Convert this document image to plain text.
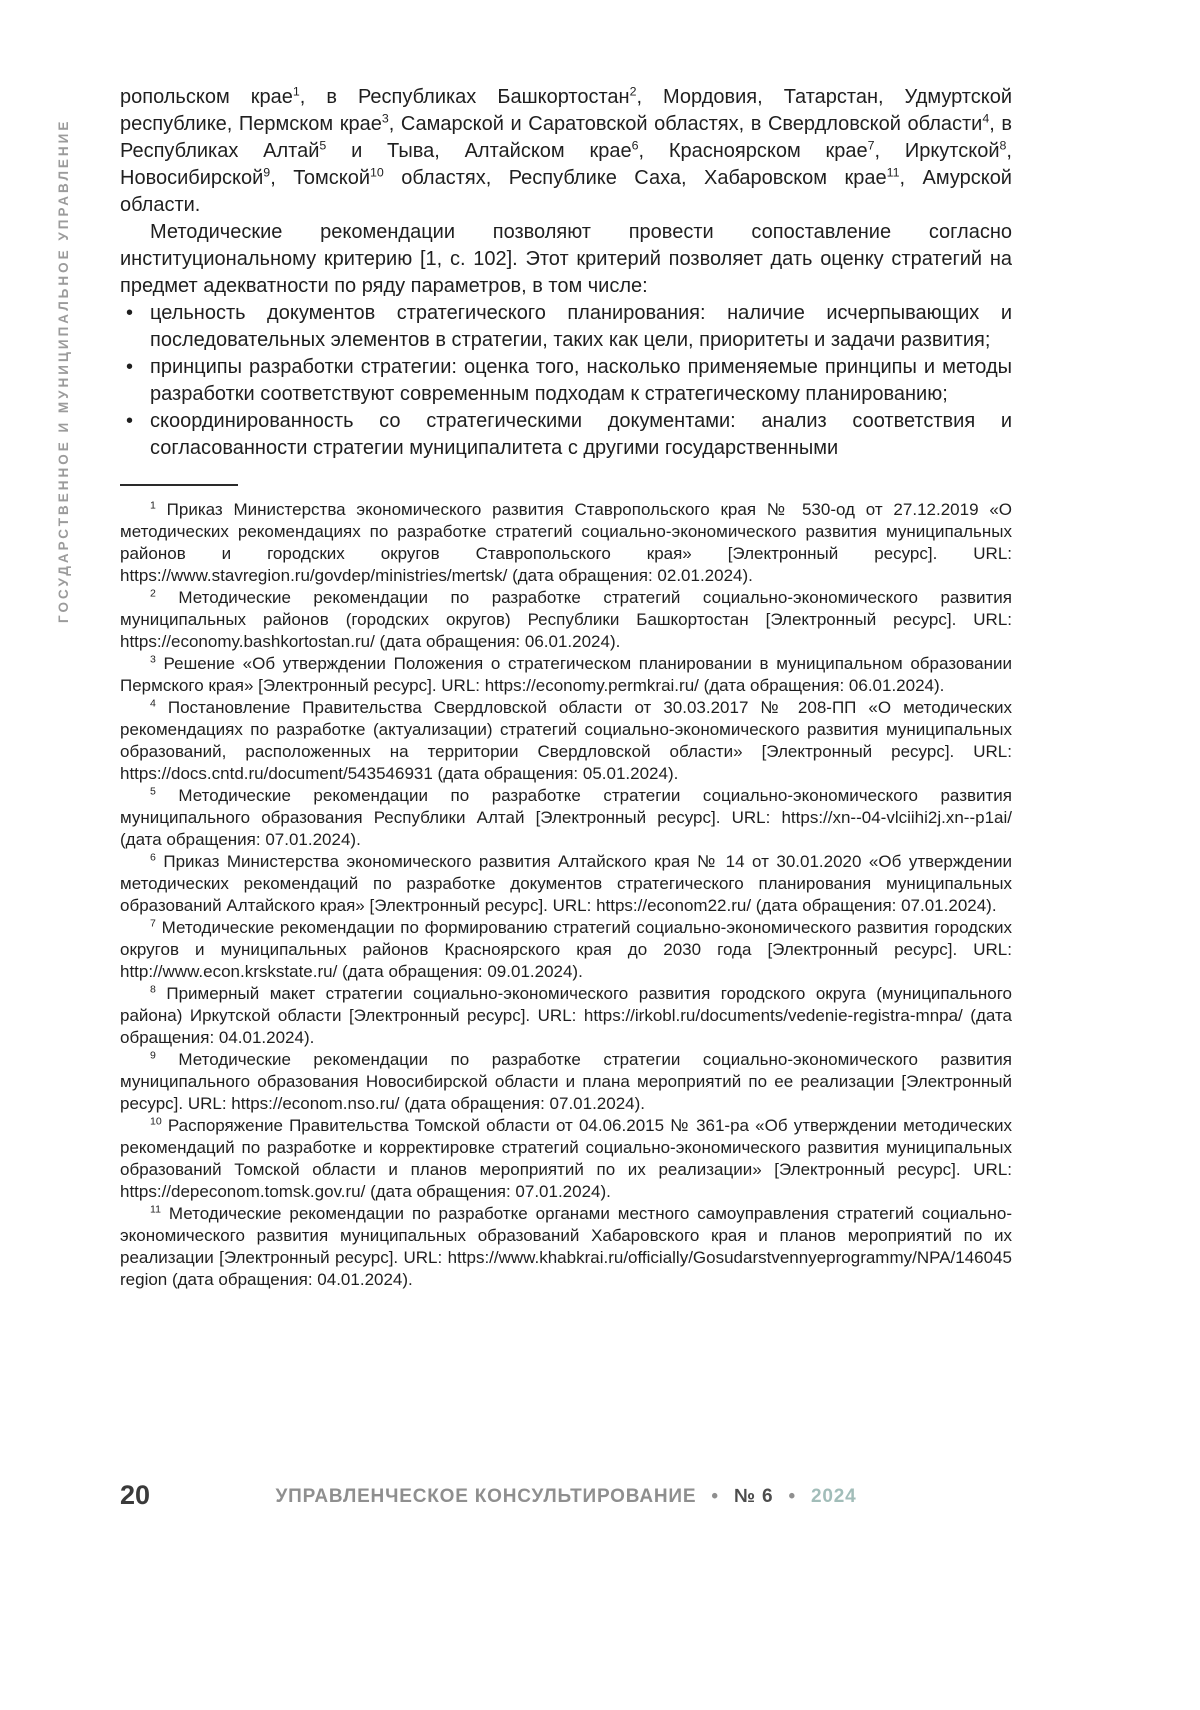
ГОСУДАРСТВЕННОЕ И МУНИЦИПАЛЬНОЕ УПРАВЛЕНИЕ

ропольском крае$^1$, в Республиках Башкортостан$^2$, Мордовия, Татарстан, Удмуртской республике, Пермском крае$^3$, Самарской и Саратовской областях, в Свердловской области$^4$, в Республиках Алтай$^5$ и Тыва, Алтайском крае$^6$, Красноярском крае$^7$, Иркутской$^8$, Новосибирской$^9$, Томской$^{10}$ областях, Республике Саха, Хабаровском крае$^{11}$, Амурской области.

Методические рекомендации позволяют провести сопоставление согласно институциональному критерию [1, с. 102]. Этот критерий позволяет дать оценку стратегий на предмет адекватности по ряду параметров, в том числе:

• цельность документов стратегического планирования: наличие исчерпывающих и последовательных элементов в стратегии, таких как цели, приоритеты и задачи развития;
• принципы разработки стратегии: оценка того, насколько применяемые принципы и методы разработки соответствуют современным подходам к стратегическому планированию;
• скоординированность со стратегическими документами: анализ соответствия и согласованности стратегии муниципалитета с другими государственными

$^1$ Приказ Министерства экономического развития Ставропольского края № 530-од от 27.12.2019 «О методических рекомендациях по разработке стратегий социально-экономического развития муниципальных районов и городских округов Ставропольского края» [Электронный ресурс]. URL: https://www.stavregion.ru/govdep/ministries/mertsk/ (дата обращения: 02.01.2024).

$^2$ Методические рекомендации по разработке стратегий социально-экономического развития муниципальных районов (городских округов) Республики Башкортостан [Электронный ресурс]. URL: https://economy.bashkortostan.ru/ (дата обращения: 06.01.2024).

$^3$ Решение «Об утверждении Положения о стратегическом планировании в муниципальном образовании Пермского края» [Электронный ресурс]. URL: https://economy.permkrai.ru/ (дата обращения: 06.01.2024).

$^4$ Постановление Правительства Свердловской области от 30.03.2017 № 208-ПП «О методических рекомендациях по разработке (актуализации) стратегий социально-экономического развития муниципальных образований, расположенных на территории Свердловской области» [Электронный ресурс]. URL: https://docs.cntd.ru/document/543546931 (дата обращения: 05.01.2024).

$^5$ Методические рекомендации по разработке стратегии социально-экономического развития муниципального образования Республики Алтай [Электронный ресурс]. URL: https://xn--04-vlciihi2j.xn--p1ai/ (дата обращения: 07.01.2024).

$^6$ Приказ Министерства экономического развития Алтайского края № 14 от 30.01.2020 «Об утверждении методических рекомендаций по разработке документов стратегического планирования муниципальных образований Алтайского края» [Электронный ресурс]. URL: https://econom22.ru/ (дата обращения: 07.01.2024).

$^7$ Методические рекомендации по формированию стратегий социально-экономического развития городских округов и муниципальных районов Красноярского края до 2030 года [Электронный ресурс]. URL: http://www.econ.krskstate.ru/ (дата обращения: 09.01.2024).

$^8$ Примерный макет стратегии социально-экономического развития городского округа (муниципального района) Иркутской области [Электронный ресурс]. URL: https://irkobl.ru/documents/vedenie-registra-mnpa/ (дата обращения: 04.01.2024).

$^9$ Методические рекомендации по разработке стратегии социально-экономического развития муниципального образования Новосибирской области и плана мероприятий по ее реализации [Электронный ресурс]. URL: https://econom.nso.ru/ (дата обращения: 07.01.2024).

$^{10}$ Распоряжение Правительства Томской области от 04.06.2015 № 361-ра «Об утверждении методических рекомендаций по разработке и корректировке стратегий социально-экономического развития муниципальных образований Томской области и планов мероприятий по их реализации» [Электронный ресурс]. URL: https://depeconom.tomsk.gov.ru/ (дата обращения: 07.01.2024).

$^{11}$ Методические рекомендации по разработке органами местного самоуправления стратегий социально-экономического развития муниципальных образований Хабаровского края и планов мероприятий по их реализации [Электронный ресурс]. URL: https://www.khabkrai.ru/officially/Gosudarstvennyeprogrammy/NPA/146045 region (дата обращения: 04.01.2024).

20	УПРАВЛЕНЧЕСКОЕ КОНСУЛЬТИРОВАНИЕ • № 6 • 2024
